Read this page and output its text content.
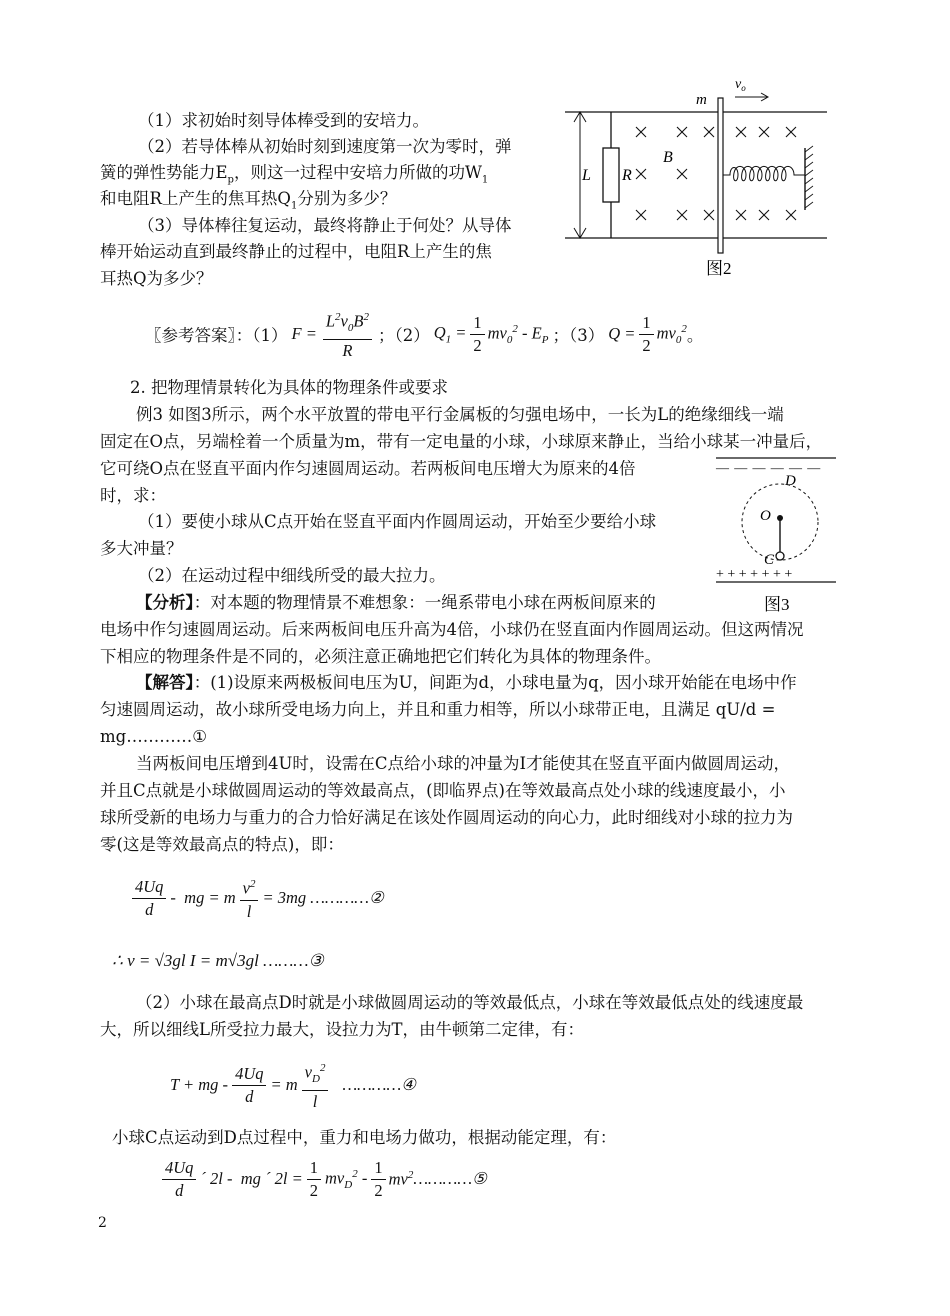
（1）求初始时刻导体棒受到的安培力。
（2）若导体棒从初始时刻到速度第一次为零时，弹
簧的弹性势能力$E_p$，则这一过程中安培力所做的功$W_1$
和电阻R上产生的焦耳热$Q_1$分别为多少？
（3）导体棒往复运动，最终将静止于何处？从导体
棒开始运动直到最终静止的过程中，电阻R上产生的焦
耳热Q为多少？
m
$v_o$
L R
B
图2
〖参考答案〗：（1） $F = \frac{L^2v_0B^2}{R}$ ；（2） $Q_1 = \frac{1}{2} mv_0^2 - E_P$ ；（3） $Q = \frac{1}{2} mv_0^2$ 。
2. 把物理情景转化为具体的物理条件或要求
例3 如图3所示，两个水平放置的带电平行金属板的匀强电场中，一长为L的绝缘细线一端
固定在O点，另端栓着一个质量为m，带有一定电量的小球，小球原来静止，当给小球某一冲量后，
它可绕O点在竖直平面内作匀速圆周运动。若两板间电压增大为原来的4倍
时，求：
（1）要使小球从C点开始在竖直平面内作圆周运动，开始至少要给小球
多大冲量？
（2）在运动过程中细线所受的最大拉力。
— — — — — —
D
O
C
+ + + + + + +
图3
【分析】：对本题的物理情景不难想象：一绳系带电小球在两板间原来的
电场中作匀速圆周运动。后来两板间电压升高为4倍，小球仍在竖直面内作圆周运动。但这两情况
下相应的物理条件是不同的，必须注意正确地把它们转化为具体的物理条件。
【解答】：(1)设原来两极板间电压为U，间距为d，小球电量为q，因小球开始能在电场中作
匀速圆周运动，故小球所受电场力向上，并且和重力相等，所以小球带正电，且满足 qU/d =
mg…………①
当两板间电压增到4U时，设需在C点给小球的冲量为I才能使其在竖直平面内做圆周运动，
并且C点就是小球做圆周运动的等效最高点，(即临界点)在等效最高点处小球的线速度最小，小
球所受新的电场力与重力的合力恰好满足在该处作圆周运动的向心力，此时细线对小球的拉力为
零(这是等效最高点的特点)，即：
$\frac{4Uq}{d}$ -  mg = m $\frac{v^2}{l} = 3mg$ …………②
∴ v = √3gl I = m√3gl ………③
（2）小球在最高点D时就是小球做圆周运动的等效最低点，小球在等效最低点处的线速度最
大，所以细线L所受拉力最大，设拉力为T，由牛顿第二定律，有：
T + mg - $\frac{4Uq}{d} = m \frac{v_D^2}{l}$ …………④
小球C点运动到D点过程中，重力和电场力做功，根据动能定理，有：
$\frac{4Uq}{d}$ ´ 2l -  mg ´ $2l = \frac{1}{2} mv_D^2 - \frac{1}{2} mv^2$ …………⑤
2
